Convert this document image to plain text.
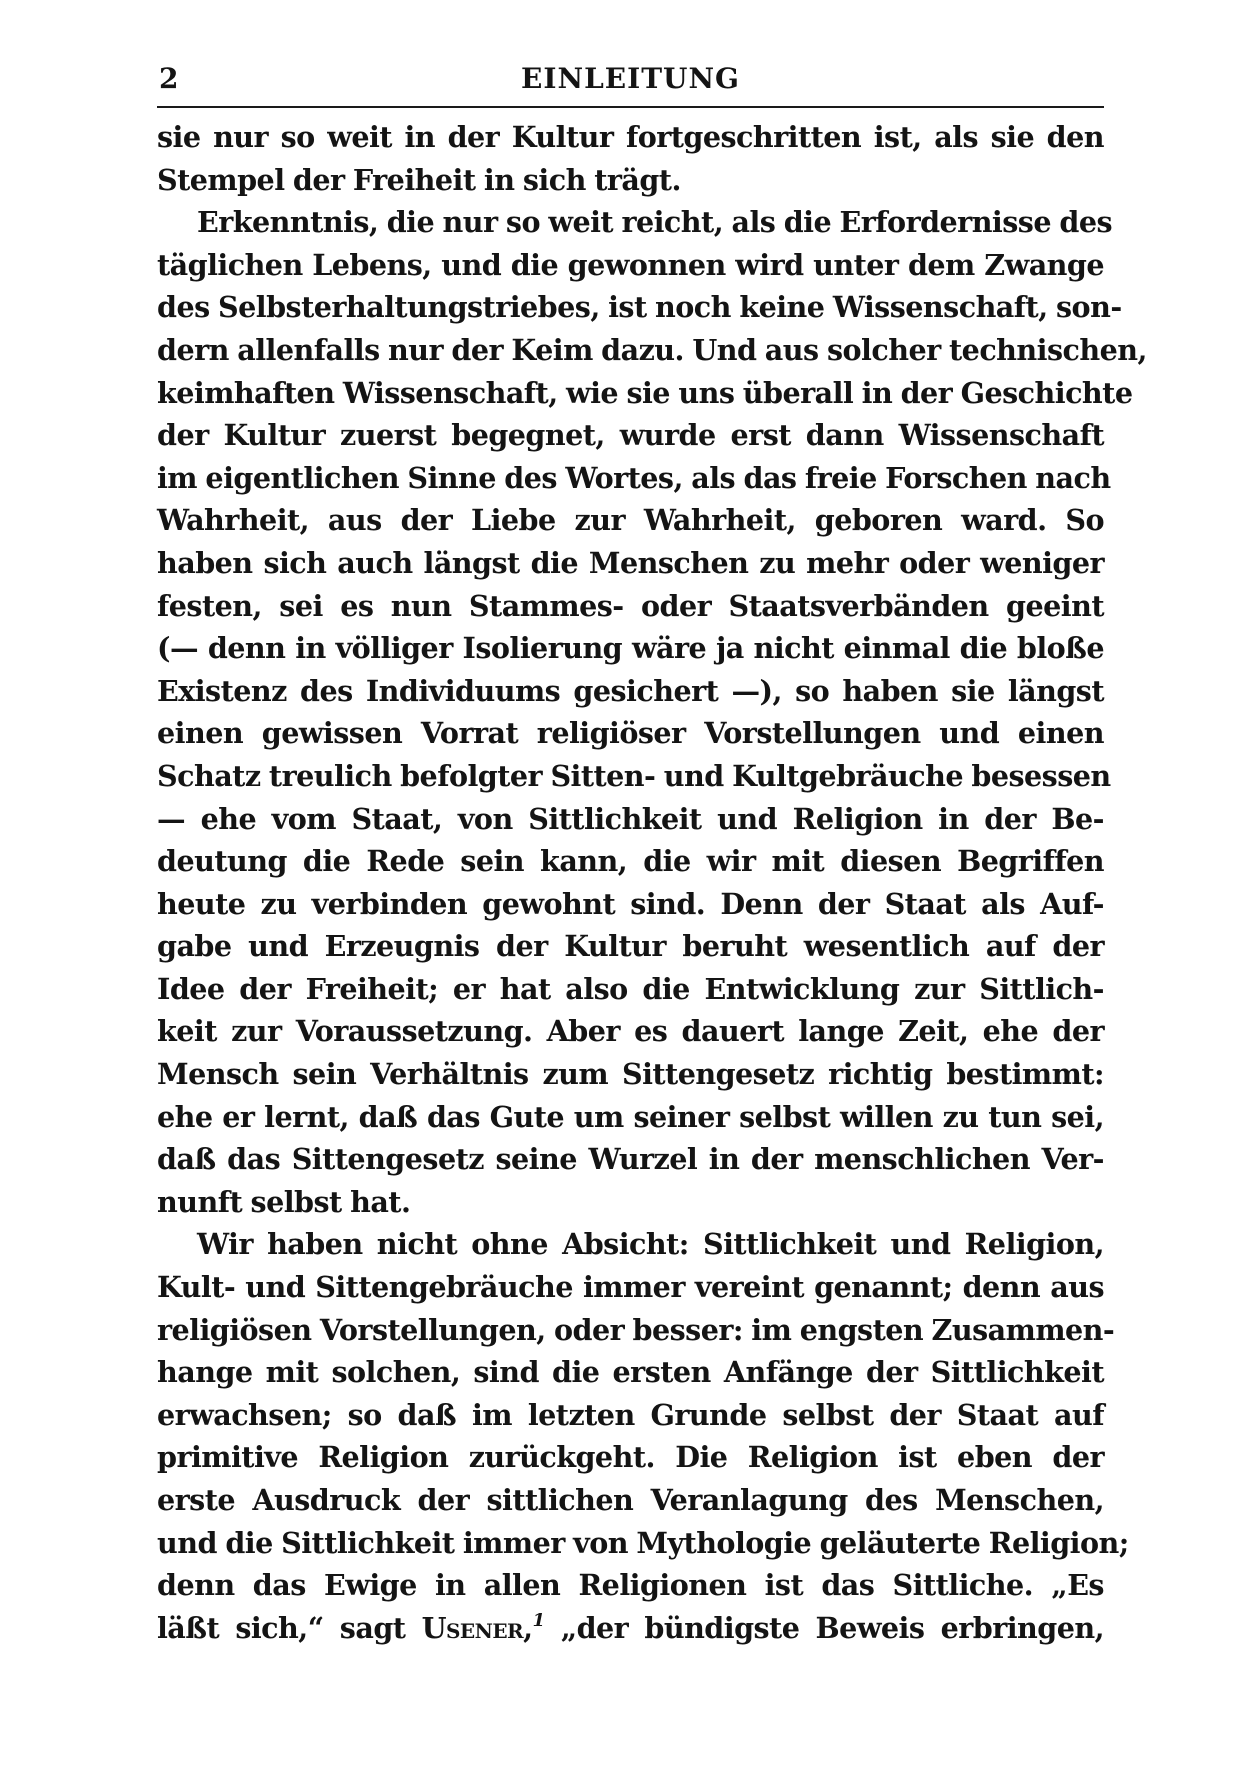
2	EINLEITUNG
sie nur so weit in der Kultur fortgeschritten ist, als sie den
Stempel der Freiheit in sich trägt.
Erkenntnis, die nur so weit reicht, als die Erfordernisse des
täglichen Lebens, und die gewonnen wird unter dem Zwange
des Selbsterhaltungstriebes, ist noch keine Wissenschaft, son-
dern allenfalls nur der Keim dazu. Und aus solcher technischen,
keimhaften Wissenschaft, wie sie uns überall in der Geschichte
der Kultur zuerst begegnet, wurde erst dann Wissenschaft
im eigentlichen Sinne des Wortes, als das freie Forschen nach
Wahrheit, aus der Liebe zur Wahrheit, geboren ward. So
haben sich auch längst die Menschen zu mehr oder weniger
festen, sei es nun Stammes- oder Staatsverbänden geeint
(— denn in völliger Isolierung wäre ja nicht einmal die bloße
Existenz des Individuums gesichert —), so haben sie längst
einen gewissen Vorrat religiöser Vorstellungen und einen
Schatz treulich befolgter Sitten- und Kultgebräuche besessen
— ehe vom Staat, von Sittlichkeit und Religion in der Be-
deutung die Rede sein kann, die wir mit diesen Begriffen
heute zu verbinden gewohnt sind. Denn der Staat als Auf-
gabe und Erzeugnis der Kultur beruht wesentlich auf der
Idee der Freiheit; er hat also die Entwicklung zur Sittlich-
keit zur Voraussetzung. Aber es dauert lange Zeit, ehe der
Mensch sein Verhältnis zum Sittengesetz richtig bestimmt:
ehe er lernt, daß das Gute um seiner selbst willen zu tun sei,
daß das Sittengesetz seine Wurzel in der menschlichen Ver-
nunft selbst hat.
Wir haben nicht ohne Absicht: Sittlichkeit und Religion,
Kult- und Sittengebräuche immer vereint genannt; denn aus
religiösen Vorstellungen, oder besser: im engsten Zusammen-
hange mit solchen, sind die ersten Anfänge der Sittlichkeit
erwachsen; so daß im letzten Grunde selbst der Staat auf
primitive Religion zurückgeht. Die Religion ist eben der
erste Ausdruck der sittlichen Veranlagung des Menschen,
und die Sittlichkeit immer von Mythologie geläuterte Religion;
denn das Ewige in allen Religionen ist das Sittliche. „Es
läßt sich,“ sagt Usener,$^1$ „der bündigste Beweis erbringen,
